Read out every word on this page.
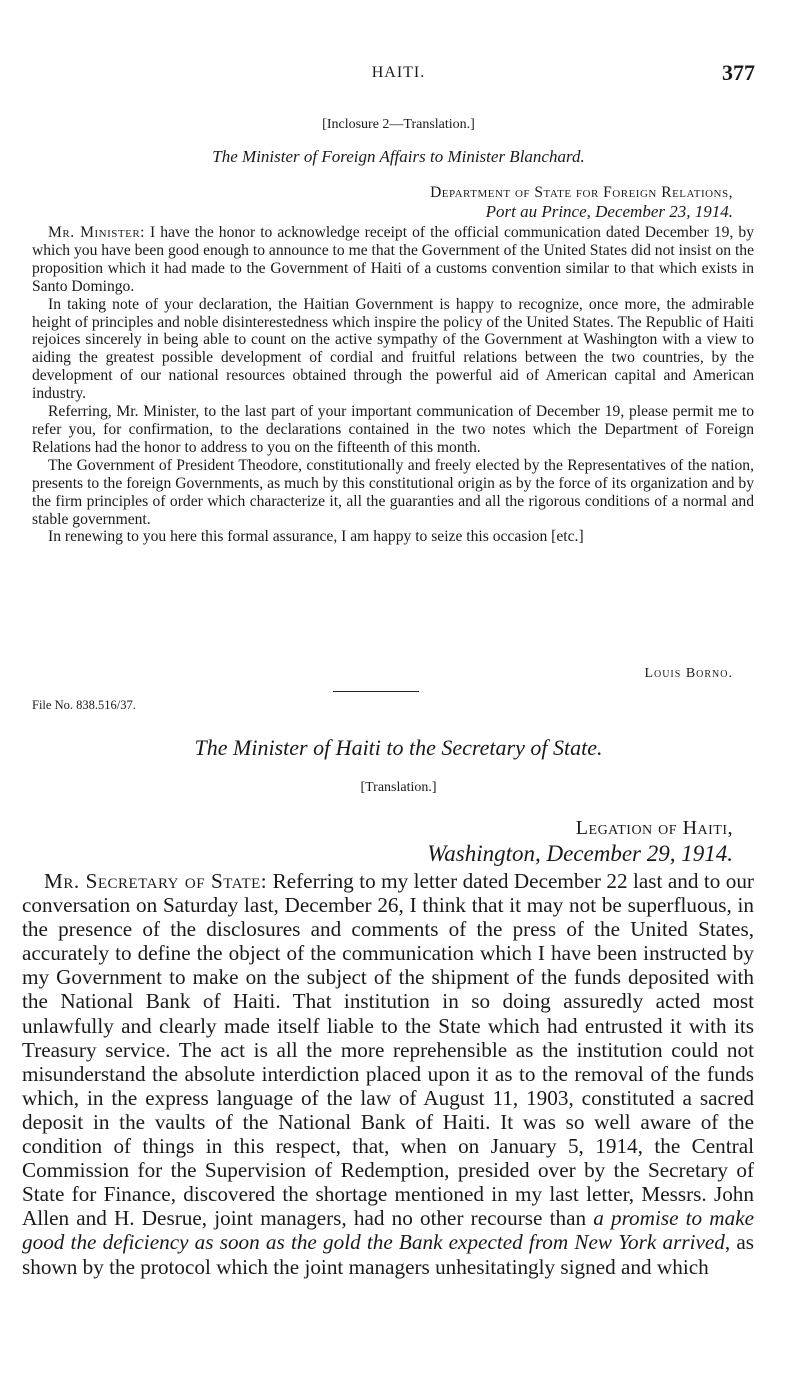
HAITI.	377
[Inclosure 2—Translation.]
The Minister of Foreign Affairs to Minister Blanchard.
Department of State for Foreign Relations,
Port au Prince, December 23, 1914.

Mr. Minister: I have the honor to acknowledge receipt of the official communication dated December 19, by which you have been good enough to announce to me that the Government of the United States did not insist on the proposition which it had made to the Government of Haiti of a customs convention similar to that which exists in Santo Domingo.

In taking note of your declaration, the Haitian Government is happy to recognize, once more, the admirable height of principles and noble disinterestedness which inspire the policy of the United States. The Republic of Haiti rejoices sincerely in being able to count on the active sympathy of the Government at Washington with a view to aiding the greatest possible development of cordial and fruitful relations between the two countries, by the development of our national resources obtained through the powerful aid of American capital and American industry.

Referring, Mr. Minister, to the last part of your important communication of December 19, please permit me to refer you, for confirmation, to the declarations contained in the two notes which the Department of Foreign Relations had the honor to address to you on the fifteenth of this month.

The Government of President Theodore, constitutionally and freely elected by the Representatives of the nation, presents to the foreign Governments, as much by this constitutional origin as by the force of its organization and by the firm principles of order which characterize it, all the guaranties and all the rigorous conditions of a normal and stable government.

In renewing to you here this formal assurance, I am happy to seize this occasion [etc.]

Louis Borno.
File No. 838.516/37.
The Minister of Haiti to the Secretary of State.
[Translation.]
Legation of Haiti,
Washington, December 29, 1914.

Mr. Secretary of State: Referring to my letter dated December 22 last and to our conversation on Saturday last, December 26, I think that it may not be superfluous, in the presence of the disclosures and comments of the press of the United States, accurately to define the object of the communication which I have been instructed by my Government to make on the subject of the shipment of the funds deposited with the National Bank of Haiti. That institution in so doing assuredly acted most unlawfully and clearly made itself liable to the State which had entrusted it with its Treasury service. The act is all the more reprehensible as the institution could not misunderstand the absolute interdiction placed upon it as to the removal of the funds which, in the express language of the law of August 11, 1903, constituted a sacred deposit in the vaults of the National Bank of Haiti. It was so well aware of the condition of things in this respect, that, when on January 5, 1914, the Central Commission for the Supervision of Redemption, presided over by the Secretary of State for Finance, discovered the shortage mentioned in my last letter, Messrs. John Allen and H. Desrue, joint managers, had no other recourse than a promise to make good the deficiency as soon as the gold the Bank expected from New York arrived, as shown by the protocol which the joint managers unhesitatingly signed and which
